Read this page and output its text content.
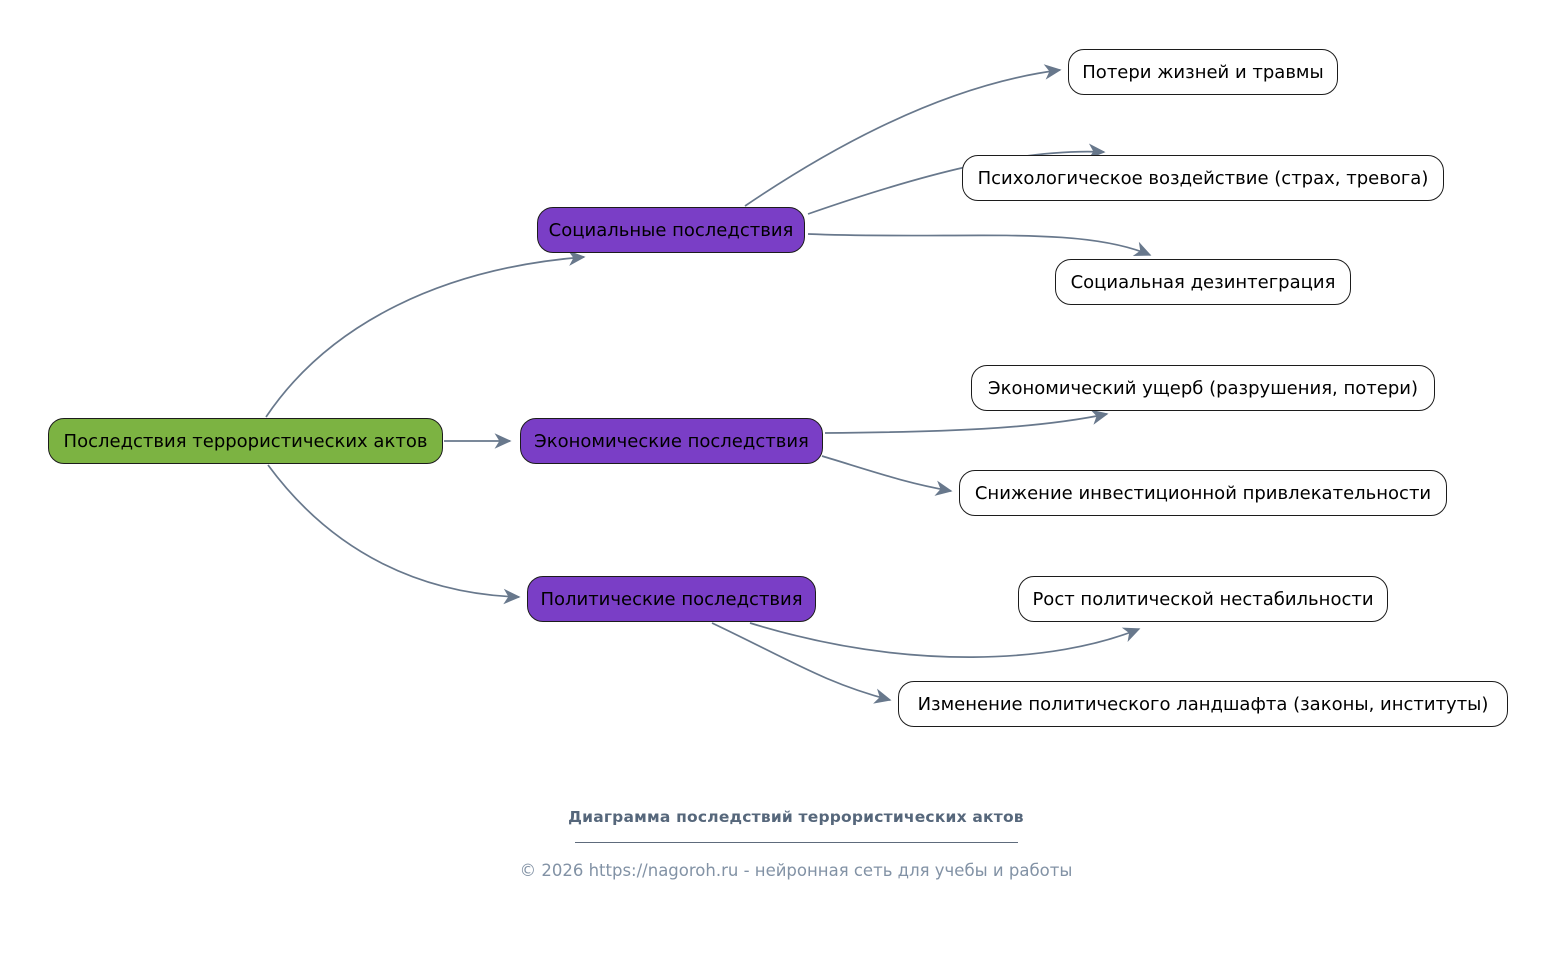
Последствия террористических актов
Социальные последствия
Экономические последствия
Политические последствия
Потери жизней и травмы
Психологическое воздействие (страх, тревога)
Социальная дезинтеграция
Экономический ущерб (разрушения, потери)
Снижение инвестиционной привлекательности
Рост политической нестабильности
Изменение политического ландшафта (законы, институты)
Диаграмма последствий террористических актов
© 2026 https://nagoroh.ru - нейронная сеть для учебы и работы
